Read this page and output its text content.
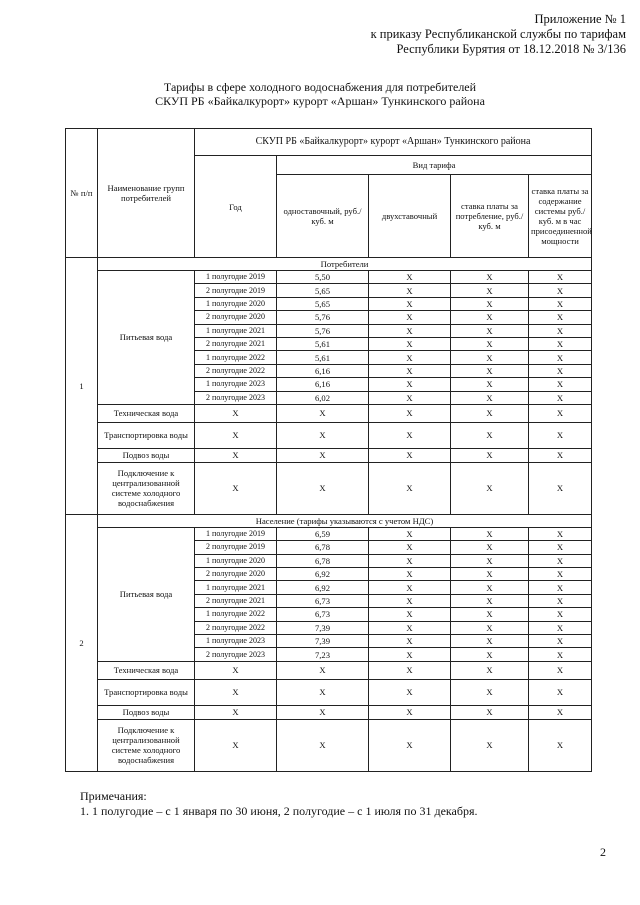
Приложение № 1
к приказу Республиканской службы по тарифам
Республики Бурятия от 18.12.2018 № 3/136
Тарифы в сфере холодного водоснабжения для потребителей
СКУП РБ «Байкалкурорт» курорт «Аршан» Тункинского района
№ п/п	Наименование групп потребителей	СКУП РБ «Байкалкурорт» курорт «Аршан» Тункинского района				
		Год	Вид тарифа			
			одноставочный, руб./ куб. м	двухставочный	ставка платы за потребление, руб./ куб. м	ставка платы за содержание системы руб./куб. м в час присоединенной мощности
1	Потребители					
	Питьевая вода	1 полугодие 2019	5,50	Х	Х	Х
		2 полугодие 2019	5,65	Х	Х	Х
		1 полугодие 2020	5,65	Х	Х	Х
		2 полугодие 2020	5,76	Х	Х	Х
		1 полугодие 2021	5,76	Х	Х	Х
		2 полугодие 2021	5,61	Х	Х	Х
		1 полугодие 2022	5,61	Х	Х	Х
		2 полугодие 2022	6,16	Х	Х	Х
		1 полугодие 2023	6,16	Х	Х	Х
		2 полугодие 2023	6,02	Х	Х	Х
	Техническая вода	Х	Х	Х	Х	Х
	Транспортировка воды	Х	Х	Х	Х	Х
	Подвоз воды	Х	Х	Х	Х	Х
	Подключение к централизованной системе холодного водоснабжения	Х	Х	Х	Х	Х
2	Население (тарифы указываются с учетом НДС)					
	Питьевая вода	1 полугодие 2019	6,59	Х	Х	Х
		2 полугодие 2019	6,78	Х	Х	Х
		1 полугодие 2020	6,78	Х	Х	Х
		2 полугодие 2020	6,92	Х	Х	Х
		1 полугодие 2021	6,92	Х	Х	Х
		2 полугодие 2021	6,73	Х	Х	Х
		1 полугодие 2022	6,73	Х	Х	Х
		2 полугодие 2022	7,39	Х	Х	Х
		1 полугодие 2023	7,39	Х	Х	Х
		2 полугодие 2023	7,23	Х	Х	Х
	Техническая вода	Х	Х	Х	Х	Х
	Транспортировка воды	Х	Х	Х	Х	Х
	Подвоз воды	Х	Х	Х	Х	Х
	Подключение к централизованной системе холодного водоснабжения	Х	Х	Х	Х	Х
Примечания:
1. 1 полугодие – с 1 января по 30 июня, 2 полугодие – с 1 июля по 31 декабря.
2
